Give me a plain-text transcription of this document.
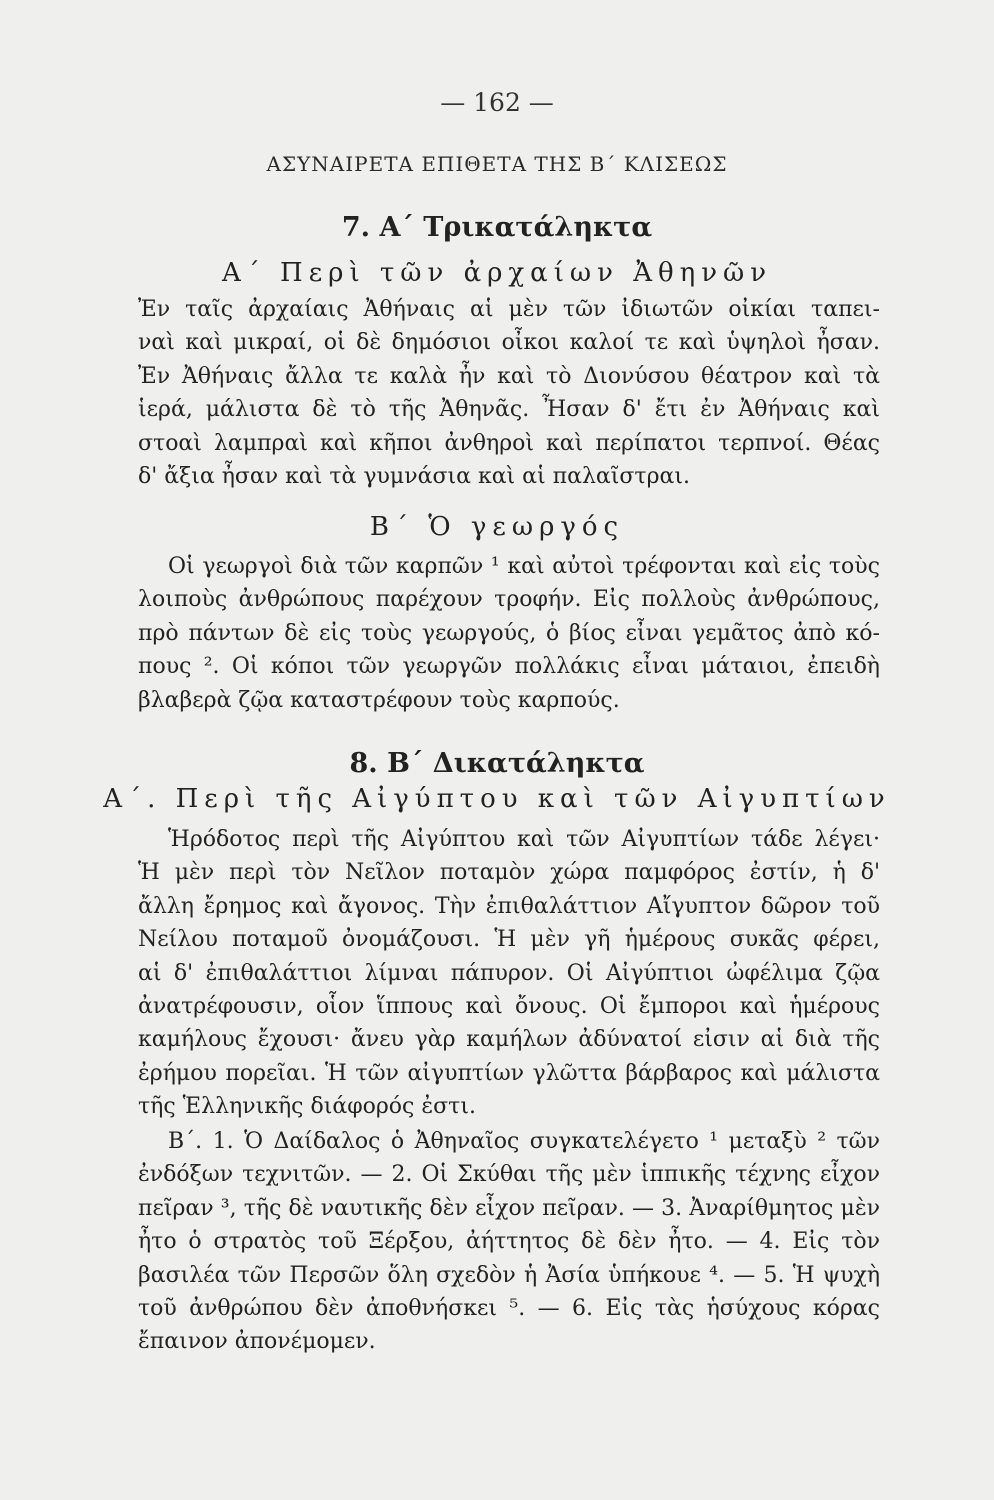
— 162 —
ΑΣΥΝΑΙΡΕΤΑ ΕΠΙΘΕΤΑ ΤΗΣ Β΄ ΚΛΙΣΕΩΣ
7. Α΄ Τρικατάληκτα
Α΄ Περὶ τῶν ἀρχαίων Ἀθηνῶν
Ἐν ταῖς ἀρχαίαις Ἀθήναις αἱ μὲν τῶν ἰδιωτῶν οἰκίαι ταπει-
ναὶ καὶ μικραί, οἱ δὲ δημόσιοι οἶκοι καλοί τε καὶ ὑψηλοὶ ἦσαν.
Ἐν Ἀθήναις ἄλλα τε καλὰ ἦν καὶ τὸ Διονύσου θέατρον καὶ τὰ
ἱερά, μάλιστα δὲ τὸ τῆς Ἀθηνᾶς. Ἦσαν δ' ἔτι ἐν Ἀθήναις καὶ
στοαὶ λαμπραὶ καὶ κῆποι ἀνθηροὶ καὶ περίπατοι τερπνοί. Θέας
δ' ἄξια ἦσαν καὶ τὰ γυμνάσια καὶ αἱ παλαῖστραι.
Β΄ Ὁ γεωργός
Οἱ γεωργοὶ διὰ τῶν καρπῶν ¹ καὶ αὐτοὶ τρέφονται καὶ εἰς τοὺς
λοιποὺς ἀνθρώπους παρέχουν τροφήν. Εἰς πολλοὺς ἀνθρώπους,
πρὸ πάντων δὲ εἰς τοὺς γεωργούς, ὁ βίος εἶναι γεμᾶτος ἀπὸ κό-
πους ². Οἱ κόποι τῶν γεωργῶν πολλάκις εἶναι μάταιοι, ἐπειδὴ
βλαβερὰ ζῷα καταστρέφουν τοὺς καρπούς.
8. Β΄ Δικατάληκτα
Α΄. Περὶ τῆς Αἰγύπτου καὶ τῶν Αἰγυπτίων
Ἡρόδοτος περὶ τῆς Αἰγύπτου καὶ τῶν Αἰγυπτίων τάδε λέγει·
Ἡ μὲν περὶ τὸν Νεῖλον ποταμὸν χώρα παμφόρος ἐστίν, ἡ δ'
ἄλλη ἔρημος καὶ ἄγονος. Τὴν ἐπιθαλάττιον Αἴγυπτον δῶρον τοῦ
Νείλου ποταμοῦ ὀνομάζουσι. Ἡ μὲν γῆ ἡμέρους συκᾶς φέρει,
αἱ δ' ἐπιθαλάττιοι λίμναι πάπυρον. Οἱ Αἰγύπτιοι ὠφέλιμα ζῷα
ἀνατρέφουσιν, οἷον ἵππους καὶ ὄνους. Οἱ ἔμποροι καὶ ἡμέρους
καμήλους ἔχουσι· ἄνευ γὰρ καμήλων ἀδύνατοί εἰσιν αἱ διὰ τῆς
ἐρήμου πορεῖαι. Ἡ τῶν αἰγυπτίων γλῶττα βάρβαρος καὶ μάλιστα
τῆς Ἑλληνικῆς διάφορός ἐστι.
Β΄. 1. Ὁ Δαίδαλος ὁ Ἀθηναῖος συγκατελέγετο ¹ μεταξὺ ² τῶν
ἐνδόξων τεχνιτῶν. — 2. Οἱ Σκύθαι τῆς μὲν ἱππικῆς τέχνης εἶχον
πεῖραν ³, τῆς δὲ ναυτικῆς δὲν εἶχον πεῖραν. — 3. Ἀναρίθμητος μὲν
ἦτο ὁ στρατὸς τοῦ Ξέρξου, ἀήττητος δὲ δὲν ἦτο. — 4. Εἰς τὸν
βασιλέα τῶν Περσῶν ὅλη σχεδὸν ἡ Ἀσία ὑπήκουε ⁴. — 5. Ἡ ψυχὴ
τοῦ ἀνθρώπου δὲν ἀποθνήσκει ⁵. — 6. Εἰς τὰς ἡσύχους κόρας
ἔπαινον ἀπονέμομεν.
